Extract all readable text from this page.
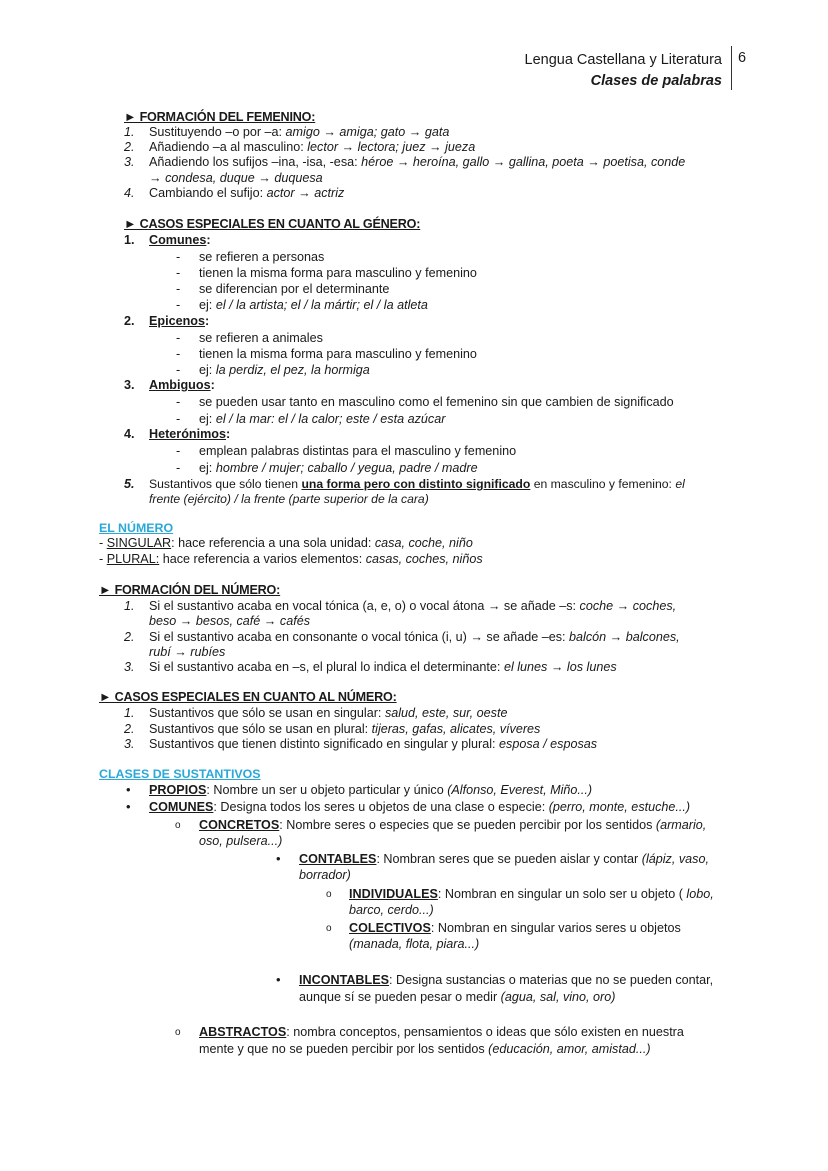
Lengua Castellana y Literatura
Clases de palabras
6
► FORMACIÓN DEL FEMENINO:
1. Sustituyendo –o por –a: amigo → amiga; gato → gata
2. Añadiendo –a al masculino: lector → lectora; juez → jueza
3. Añadiendo los sufijos –ina, -isa, -esa: héroe → heroína, gallo → gallina, poeta → poetisa, conde
→ condesa, duque → duquesa
4. Cambiando el sufijo: actor → actriz
► CASOS ESPECIALES EN CUANTO AL GÉNERO:
1. Comunes:
- se refieren a personas
- tienen la misma forma para masculino y femenino
- se diferencian por el determinante
- ej: el / la artista; el / la mártir; el / la atleta
2. Epicenos:
- se refieren a animales
- tienen la misma forma para masculino y femenino
- ej: la perdiz, el pez, la hormiga
3. Ambiguos:
- se pueden usar tanto en masculino como el femenino sin que cambien de significado
- ej: el / la mar: el / la calor; este / esta azúcar
4. Heterónimos:
- emplean palabras distintas para el masculino y femenino
- ej: hombre / mujer; caballo / yegua, padre / madre
5. Sustantivos que sólo tienen una forma pero con distinto significado en masculino y femenino: el
frente (ejército) / la frente (parte superior de la cara)
EL NÚMERO
- SINGULAR: hace referencia a una sola unidad: casa, coche, niño
- PLURAL: hace referencia a varios elementos: casas, coches, niños
► FORMACIÓN DEL NÚMERO:
1. Si el sustantivo acaba en vocal tónica (a, e, o) o vocal átona → se añade –s: coche → coches,
beso → besos, café → cafés
2. Si el sustantivo acaba en consonante o vocal tónica (i, u) → se añade –es: balcón → balcones,
rubí → rubíes
3. Si el sustantivo acaba en –s, el plural lo indica el determinante: el lunes → los lunes
► CASOS ESPECIALES EN CUANTO AL NÚMERO:
1. Sustantivos que sólo se usan en singular: salud, este, sur, oeste
2. Sustantivos que sólo se usan en plural: tijeras, gafas, alicates, víveres
3. Sustantivos que tienen distinto significado en singular y plural: esposa / esposas
CLASES DE SUSTANTIVOS
• PROPIOS: Nombre un ser u objeto particular y único (Alfonso, Everest, Miño...)
• COMUNES: Designa todos los seres u objetos de una clase o especie: (perro, monte, estuche...)
o CONCRETOS: Nombre seres o especies que se pueden percibir por los sentidos (armario,
oso, pulsera...)
• CONTABLES: Nombran seres que se pueden aislar y contar (lápiz, vaso,
borrador)
o INDIVIDUALES: Nombran en singular un solo ser u objeto ( lobo,
barco, cerdo...)
o COLECTIVOS: Nombran en singular varios seres u objetos
(manada, flota, piara...)
• INCONTABLES: Designa sustancias o materias que no se pueden contar,
aunque sí se pueden pesar o medir (agua, sal, vino, oro)
o ABSTRACTOS: nombra conceptos, pensamientos o ideas que sólo existen en nuestra
mente y que no se pueden percibir por los sentidos (educación, amor, amistad...)
